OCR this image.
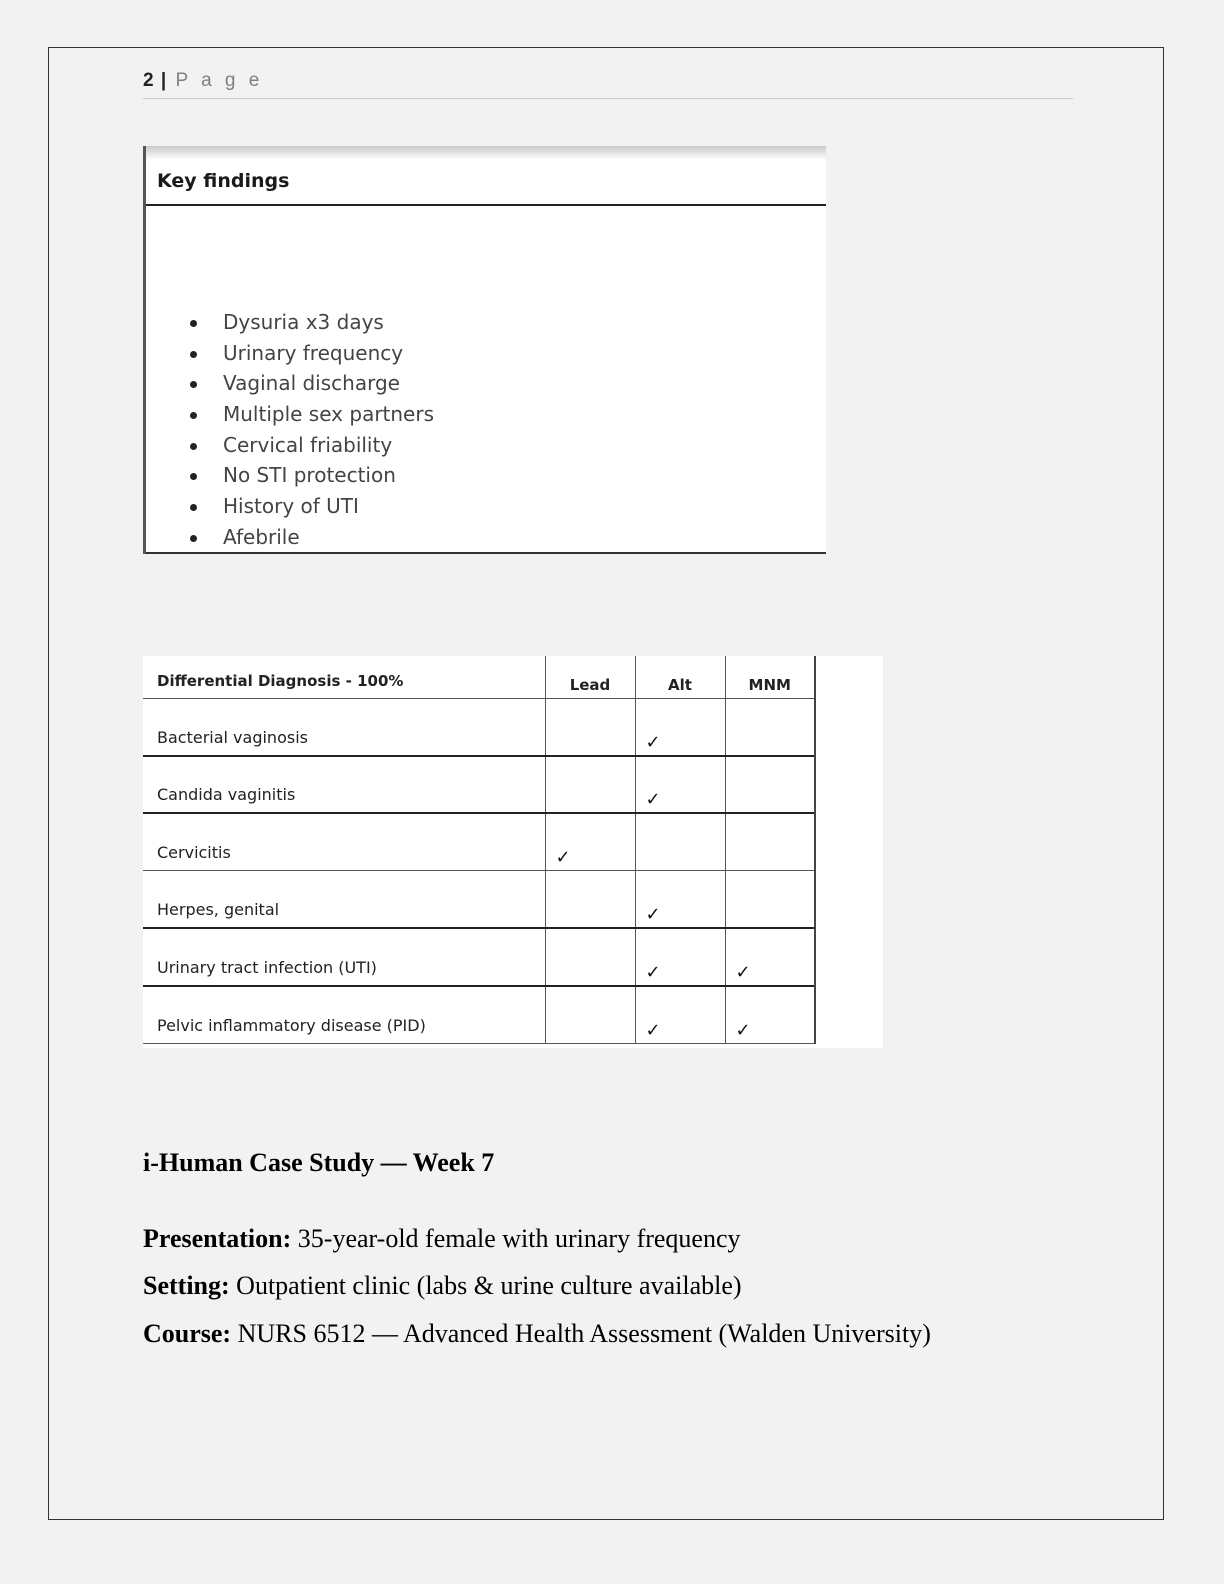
2 | P a g e
Dysuria x3 days
Urinary frequency
Vaginal discharge
Multiple sex partners
Cervical friability
No STI protection
History of UTI
Afebrile
Key findings
Differential Diagnosis - 100%	Lead	Alt	MNM
Bacterial vaginosis		✓	
Candida vaginitis		✓	
Cervicitis	✓		
Herpes, genital		✓	
Urinary tract infection (UTI)		✓	✓
Pelvic inflammatory disease (PID)		✓	✓
i-Human Case Study — Week 7
Presentation: 35-year-old female with urinary frequency
Setting: Outpatient clinic (labs & urine culture available)
Course: NURS 6512 — Advanced Health Assessment (Walden University)
